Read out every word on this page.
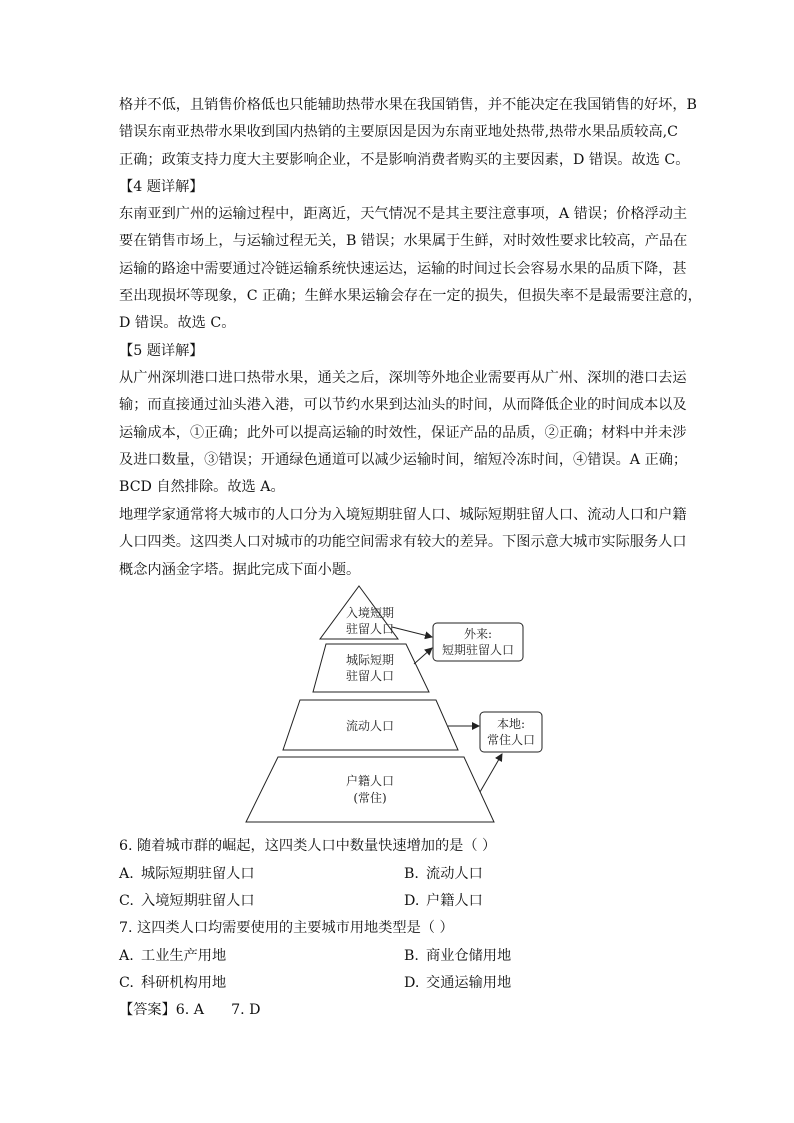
格并不低，且销售价格低也只能辅助热带水果在我国销售，并不能决定在我国销售的好坏，B
错误东南亚热带水果收到国内热销的主要原因是因为东南亚地处热带,热带水果品质较高,C
正确；政策支持力度大主要影响企业，不是影响消费者购买的主要因素，D 错误。故选 C。
【4 题详解】
东南亚到广州的运输过程中，距离近，天气情况不是其主要注意事项，A 错误；价格浮动主
要在销售市场上，与运输过程无关，B 错误；水果属于生鲜，对时效性要求比较高，产品在
运输的路途中需要通过冷链运输系统快速运达，运输的时间过长会容易水果的品质下降，甚
至出现损坏等现象，C 正确；生鲜水果运输会存在一定的损失，但损失率不是最需要注意的，
D 错误。故选 C。
【5 题详解】
从广州深圳港口进口热带水果，通关之后，深圳等外地企业需要再从广州、深圳的港口去运
输；而直接通过汕头港入港，可以节约水果到达汕头的时间，从而降低企业的时间成本以及
运输成本，①正确；此外可以提高运输的时效性，保证产品的品质，②正确；材料中并未涉
及进口数量，③错误；开通绿色通道可以减少运输时间，缩短冷冻时间，④错误。A 正确；
BCD 自然排除。故选 A。
地理学家通常将大城市的人口分为入境短期驻留人口、城际短期驻留人口、流动人口和户籍
人口四类。这四类人口对城市的功能空间需求有较大的差异。下图示意大城市实际服务人口
概念内涵金字塔。据此完成下面小题。
入境短期
驻留人口
城际短期
驻留人口
流动人口
户籍人口
(常住)
外来:
短期驻留人口
本地:
常住人口
6. 随着城市群的崛起，这四类人口中数量快速增加的是（ ）
A. 城际短期驻留人口	B. 流动人口
C. 入境短期驻留人口	D. 户籍人口
7. 这四类人口均需要使用的主要城市用地类型是（ ）
A. 工业生产用地	B. 商业仓储用地
C. 科研机构用地	D. 交通运输用地
【答案】6. A      7. D
